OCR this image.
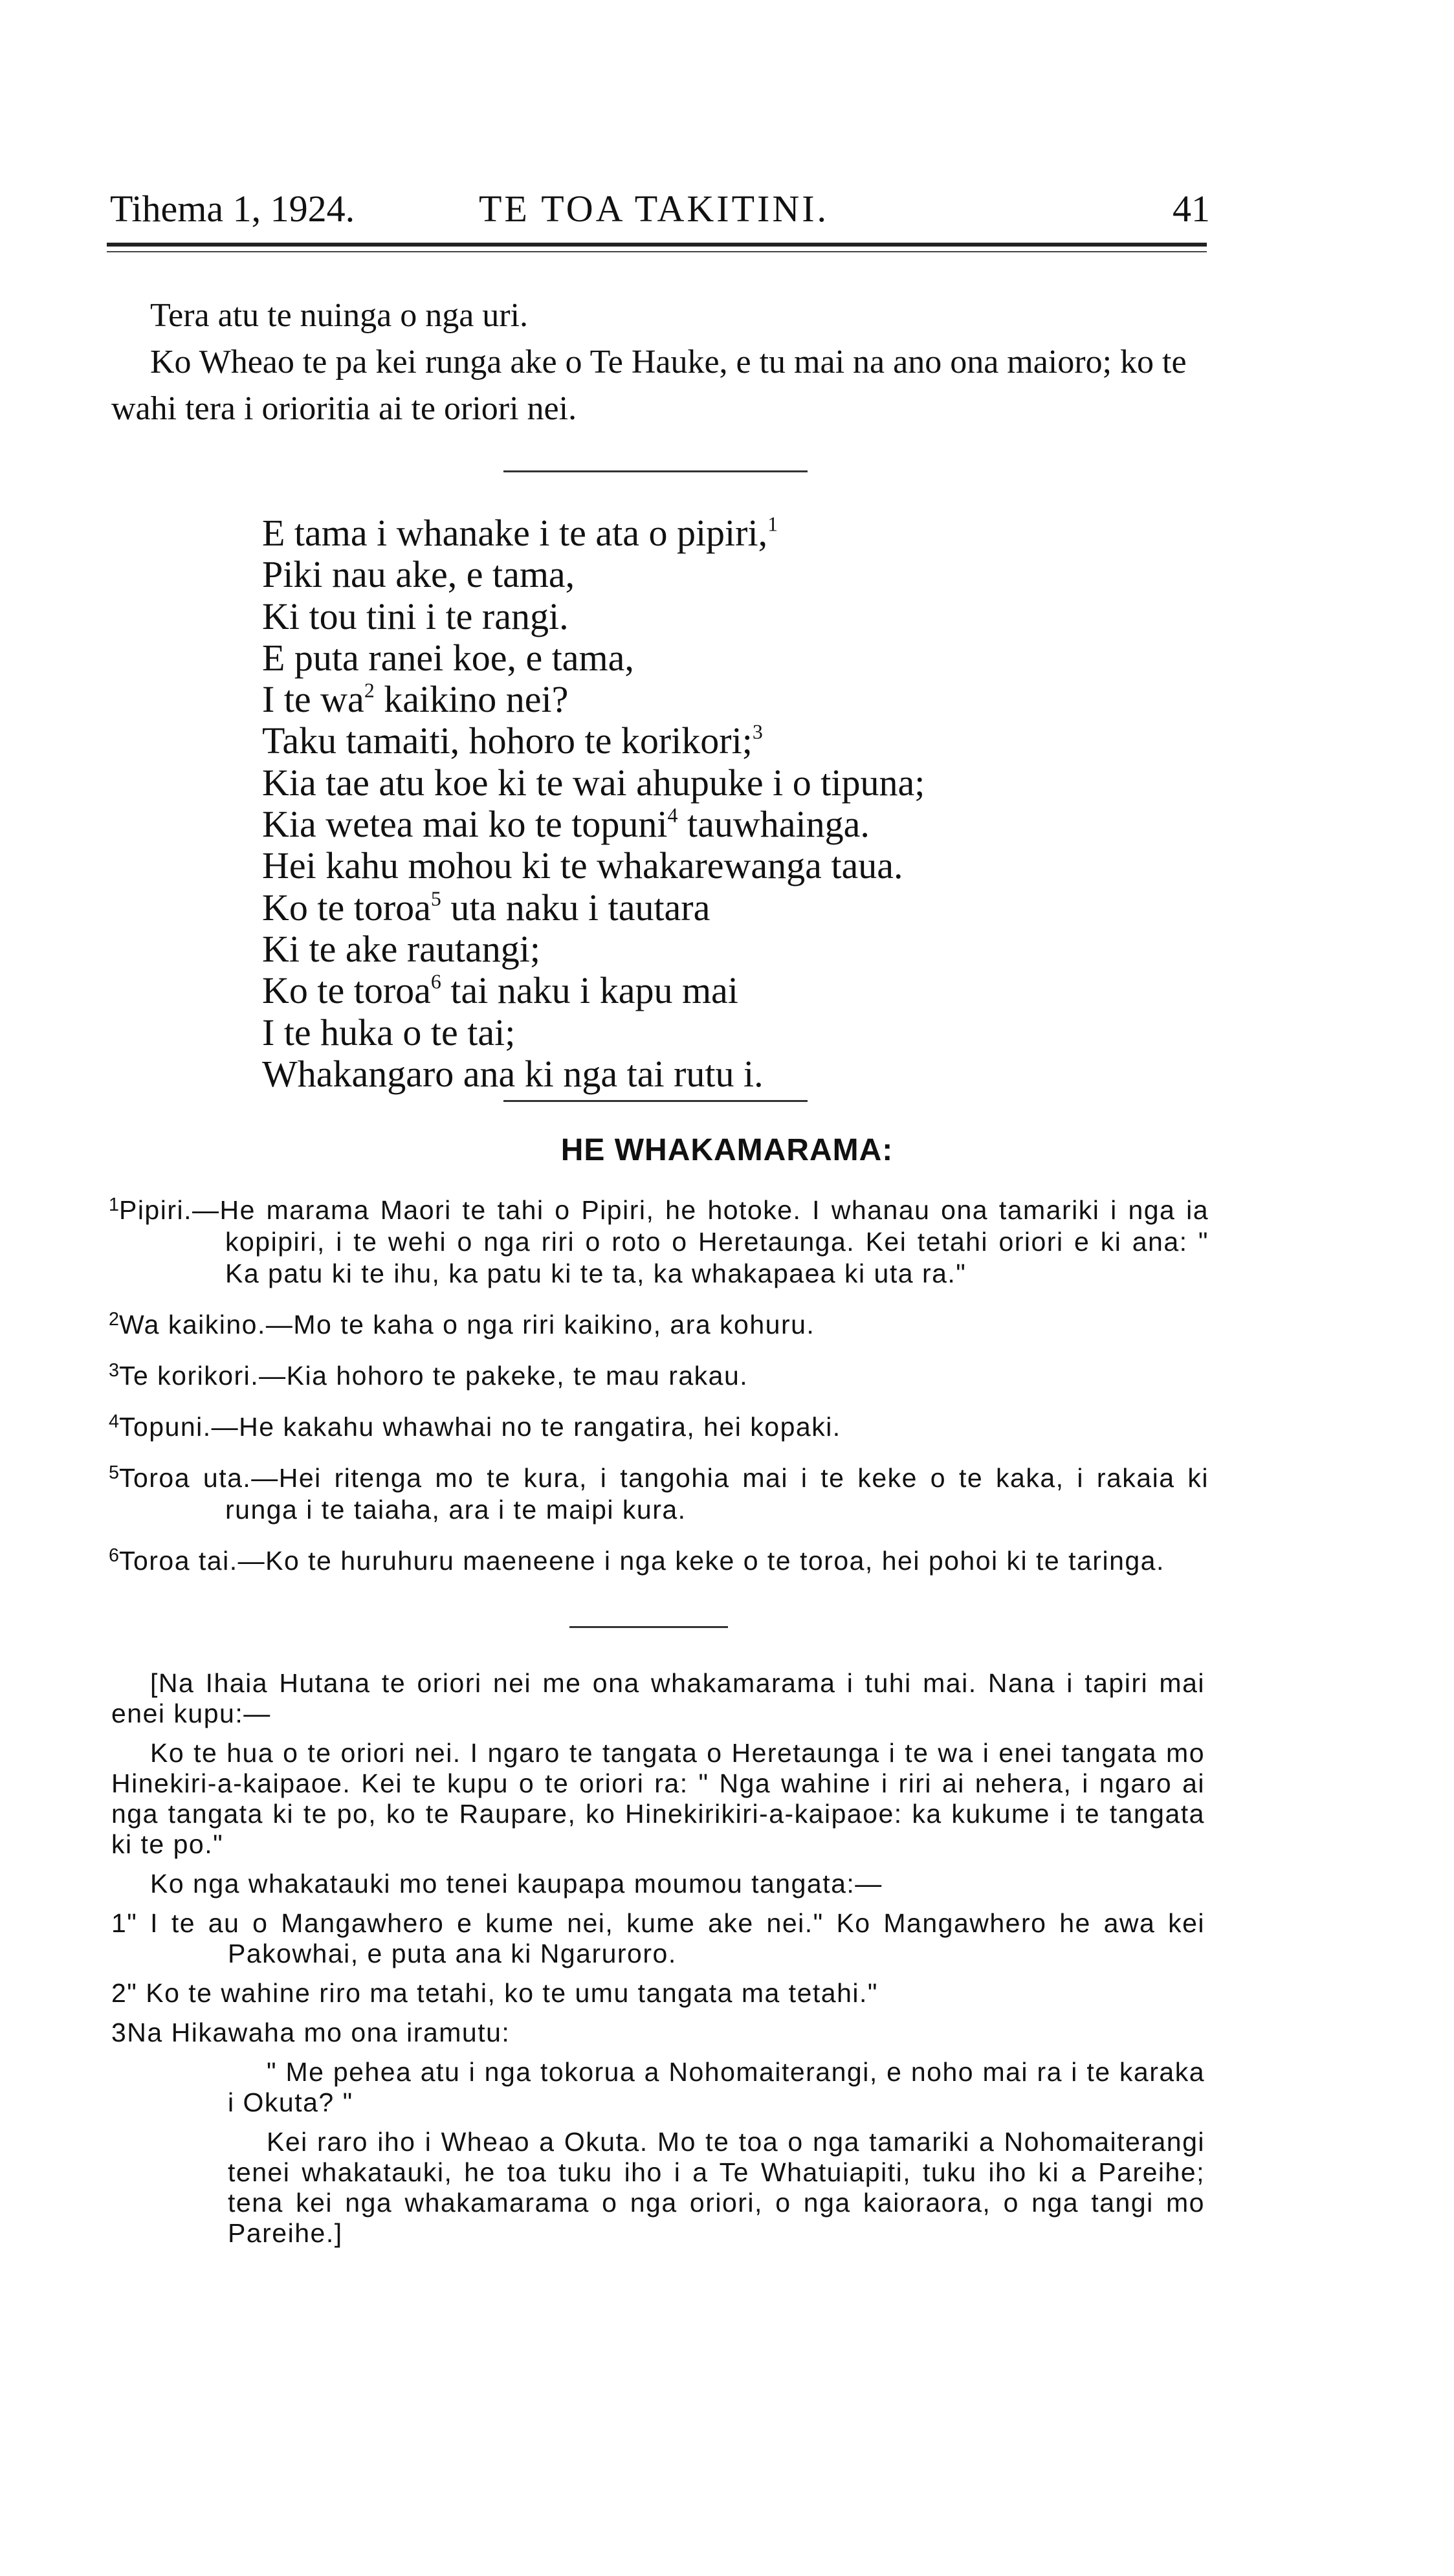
Tihema 1, 1924.	TE TOA TAKITINI.	41

Tera atu te nuinga o nga uri.

Ko Wheao te pa kei runga ake o Te Hauke, e tu mai na ano ona maioro; ko te wahi tera i orioritia ai te oriori nei.

E tama i whanake i te ata o pipiri,$^1$
Piki nau ake, e tama,
Ki tou tini i te rangi.
E puta ranei koe, e tama,
I te $wa^2$ kaikino nei?
Taku tamaiti, hohoro te korikori;$^3$
Kia tae atu koe ki te wai ahupuke i o tipuna;
Kia wetea mai ko te topuni$^4$ tauwhainga.
Hei kahu mohou ki te whakarewanga taua.
Ko te toroa$^5$ uta naku i tautara
Ki te ake rautangi;
Ko te toroa$^6$ tai naku i kapu mai
I te huka o te tai;
Whakangaro ana ki nga tai rutu i.
HE WHAKAMARAMA:

$^1$Pipiri.—He marama Maori te tahi o Pipiri, he hotoke. I whanau ona tamariki i nga ia kopipiri, i te wehi o nga riri o roto o Heretaunga. Kei tetahi oriori e ki ana: " Ka patu ki te ihu, ka patu ki te ta, ka whakapaea ki uta ra."

$^2$Wa kaikino.—Mo te kaha o nga riri kaikino, ara kohuru.

$^3$Te korikori.—Kia hohoro te pakeke, te mau rakau.

$^4$Topuni.—He kakahu whawhai no te rangatira, hei kopaki.

$^5$Toroa uta.—Hei ritenga mo te kura, i tangohia mai i te keke o te kaka, i rakaia ki runga i te taiaha, ara i te maipi kura.

$^6$Toroa tai.—Ko te huruhuru maeneene i nga keke o te toroa, hei pohoi ki te taringa.

[Na Ihaia Hutana te oriori nei me ona whakamarama i tuhi mai. Nana i tapiri mai enei kupu:—

Ko te hua o te oriori nei. I ngaro te tangata o Heretaunga i te wa i enei tangata mo Hinekiri-a-kaipaoe. Kei te kupu o te oriori ra: " Nga wahine i riri ai nehera, i ngaro ai nga tangata ki te po, ko te Raupare, ko Hinekirikiri-a-kaipaoe: ka kukume i te tangata ki te po."

Ko nga whakatauki mo tenei kaupapa moumou tangata:—

1" I te au o Mangawhero e kume nei, kume ake nei." Ko Mangawhero he awa kei Pakowhai, e puta ana ki Ngaruroro.

2" Ko te wahine riro ma tetahi, ko te umu tangata ma tetahi."

3Na Hikawaha mo ona iramutu:

" Me pehea atu i nga tokorua a Nohomaiterangi, e noho mai ra i te karaka i Okuta? "

Kei raro iho i Wheao a Okuta. Mo te toa o nga tamariki a Nohomaiterangi tenei whakatauki, he toa tuku iho i a Te Whatuiapiti, tuku iho ki a Pareihe; tena kei nga whakamarama o nga oriori, o nga kaioraora, o nga tangi mo Pareihe.]
